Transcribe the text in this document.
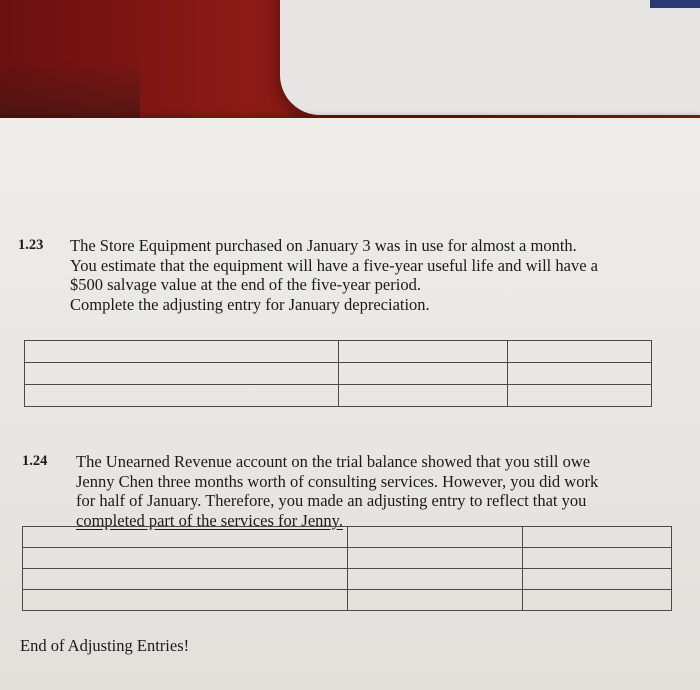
1.23 The Store Equipment purchased on January 3 was in use for almost a month.
You estimate that the equipment will have a five-year useful life and will have a
$500 salvage value at the end of the five-year period.
Complete the adjusting entry for January depreciation.

1.24 The Unearned Revenue account on the trial balance showed that you still owe
Jenny Chen three months worth of consulting services. However, you did work
for half of January. Therefore, you made an adjusting entry to reflect that you
completed part of the services for Jenny.

End of Adjusting Entries!
